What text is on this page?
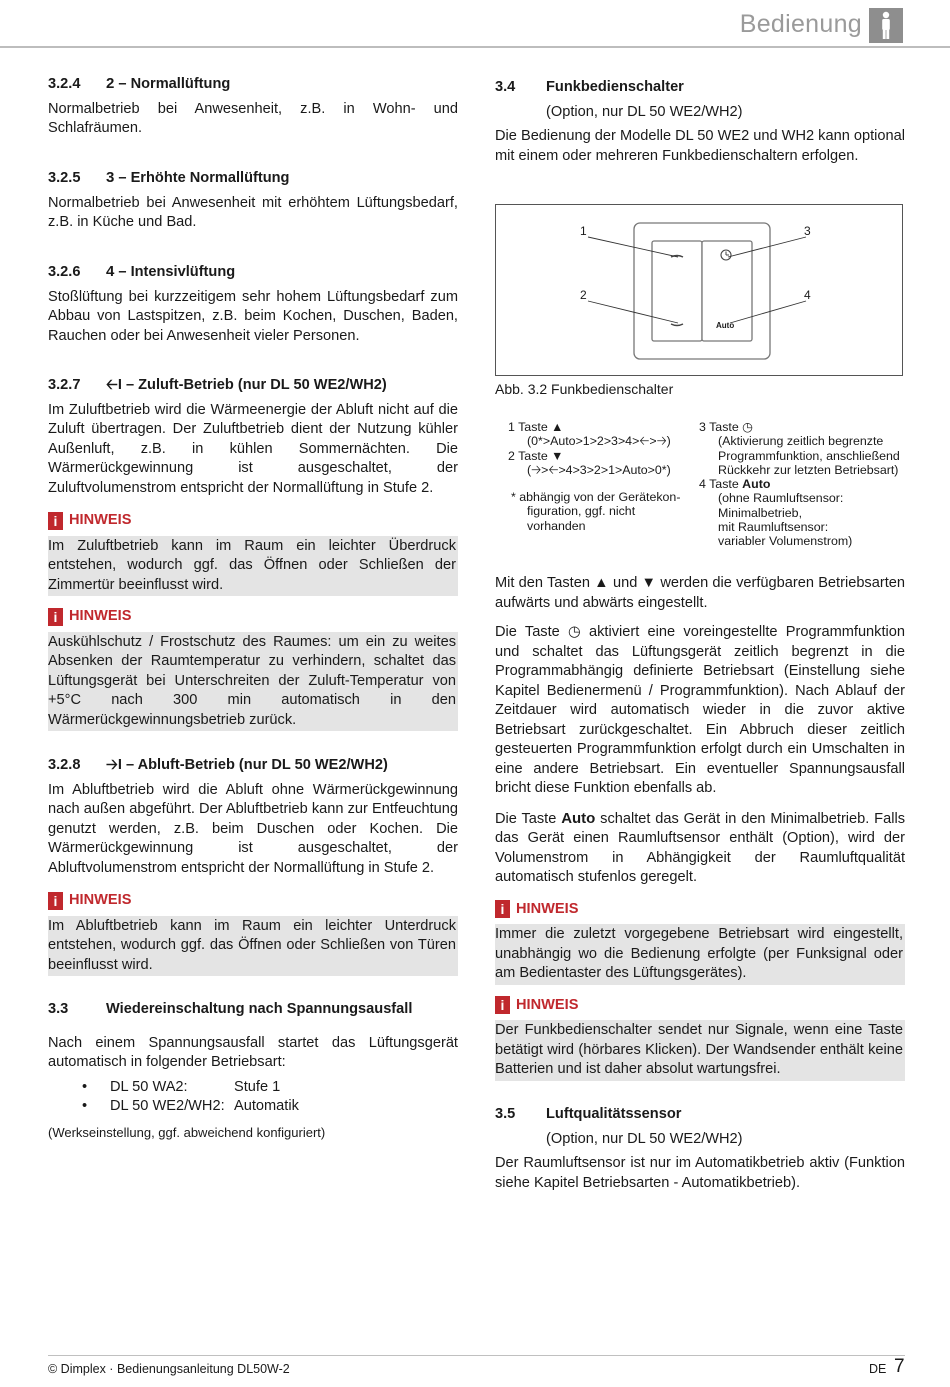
Bedienung
3.2.4 2 – Normallüftung

Normalbetrieb bei Anwesenheit, z.B. in Wohn- und Schlafräumen.

3.2.5 3 – Erhöhte Normallüftung

Normalbetrieb bei Anwesenheit mit erhöhtem Lüftungsbedarf, z.B. in Küche und Bad.

3.2.6 4 – Intensivlüftung

Stoßlüftung bei kurzzeitigem sehr hohem Lüftungsbedarf zum Abbau von Lastspitzen, z.B. beim Kochen, Duschen, Baden, Rauchen oder bei Anwesenheit vieler Personen.

3.2.7 🡠I – Zuluft-Betrieb (nur DL 50 WE2/WH2)

Im Zuluftbetrieb wird die Wärmeenergie der Abluft nicht auf die Zuluft übertragen. Der Zuluftbetrieb dient der Nutzung kühler Außenluft, z.B. in kühlen Sommernächten. Die Wärmerückgewinnung ist ausgeschaltet, der Zuluftvolumenstrom entspricht der Normallüftung in Stufe 2.

i HINWEIS

Im Zuluftbetrieb kann im Raum ein leichter Überdruck entstehen, wodurch ggf. das Öffnen oder Schließen der Zimmertür beeinflusst wird.

i HINWEIS

Auskühlschutz / Frostschutz des Raumes: um ein zu weites Absenken der Raumtemperatur zu verhindern, schaltet das Lüftungsgerät bei Unterschreiten der Zuluft-Temperatur von +5°C nach 300 min automatisch in den Wärmerückgewinnungsbetrieb zurück.

3.2.8 🡢I – Abluft-Betrieb (nur DL 50 WE2/WH2)

Im Abluftbetrieb wird die Abluft ohne Wärmerückgewinnung nach außen abgeführt. Der Abluftbetrieb kann zur Entfeuchtung genutzt werden, z.B. beim Duschen oder Kochen. Die Wärmerückgewinnung ist ausgeschaltet, der Abluftvolumenstrom entspricht der Normallüftung in Stufe 2.

i HINWEIS

Im Abluftbetrieb kann im Raum ein leichter Unterdruck entstehen, wodurch ggf. das Öffnen oder Schließen von Türen beeinflusst wird.

3.3	Wiedereinschaltung nach Spannungsausfall

Nach einem Spannungsausfall startet das Lüftungsgerät automatisch in folgender Betriebsart:

• DL 50 WA2:	Stufe 1
• DL 50 WE2/WH2: Automatik

(Werkseinstellung, ggf. abweichend konfiguriert)

3.4 Funkbedienschalter

(Option, nur DL 50 WE2/WH2)

Die Bedienung der Modelle DL 50 WE2 und WH2 kann optional mit einem oder mehreren Funkbedienschaltern erfolgen.

1
2
3
4
Auto
Abb. 3.2 Funkbedienschalter
1 Taste ▲
(0*>Auto>1>2>3>4>🡠>🡢)
2 Taste ▼
(🡢>🡠>4>3>2>1>Auto>0*)
* abhängig von der Gerätekon-
figuration, ggf. nicht vorhanden
3 Taste ◷
(Aktivierung zeitlich begrenzte
Programmfunktion, anschließend
Rückkehr zur letzten Betriebsart)
4 Taste Auto
(ohne Raumluftsensor:
Minimalbetrieb,
mit Raumluftsensor:
variabler Volumenstrom)

Mit den Tasten ▲ und ▼ werden die verfügbaren Betriebsarten aufwärts und abwärts eingestellt.

Die Taste ◷ aktiviert eine voreingestellte Programmfunktion und schaltet das Lüftungsgerät zeitlich begrenzt in die Programmabhängig definierte Betriebsart (Einstellung siehe Kapitel Bedienermenü / Programmfunktion). Nach Ablauf der Zeitdauer wird automatisch wieder in die zuvor aktive Betriebsart zurückgeschaltet. Ein Abbruch dieser zeitlich gesteuerten Programmfunktion erfolgt durch ein Umschalten in eine andere Betriebsart. Ein eventueller Spannungsausfall bricht diese Funktion ebenfalls ab.

Die Taste Auto schaltet das Gerät in den Minimalbetrieb. Falls das Gerät einen Raumluftsensor enthält (Option), wird der Volumenstrom in Abhängigkeit der Raumluftqualität automatisch stufenlos geregelt.

i HINWEIS

Immer die zuletzt vorgegebene Betriebsart wird eingestellt, unabhängig wo die Bedienung erfolgte (per Funksignal oder am Bedientaster des Lüftungsgerätes).

i HINWEIS

Der Funkbedienschalter sendet nur Signale, wenn eine Taste betätigt wird (hörbares Klicken). Der Wandsender enthält keine Batterien und ist daher absolut wartungsfrei.

3.5 Luftqualitätssensor

(Option, nur DL 50 WE2/WH2)

Der Raumluftsensor ist nur im Automatikbetrieb aktiv (Funktion siehe Kapitel Betriebsarten - Automatikbetrieb).

© Dimplex · Bedienungsanleitung DL50W-2	DE 7
